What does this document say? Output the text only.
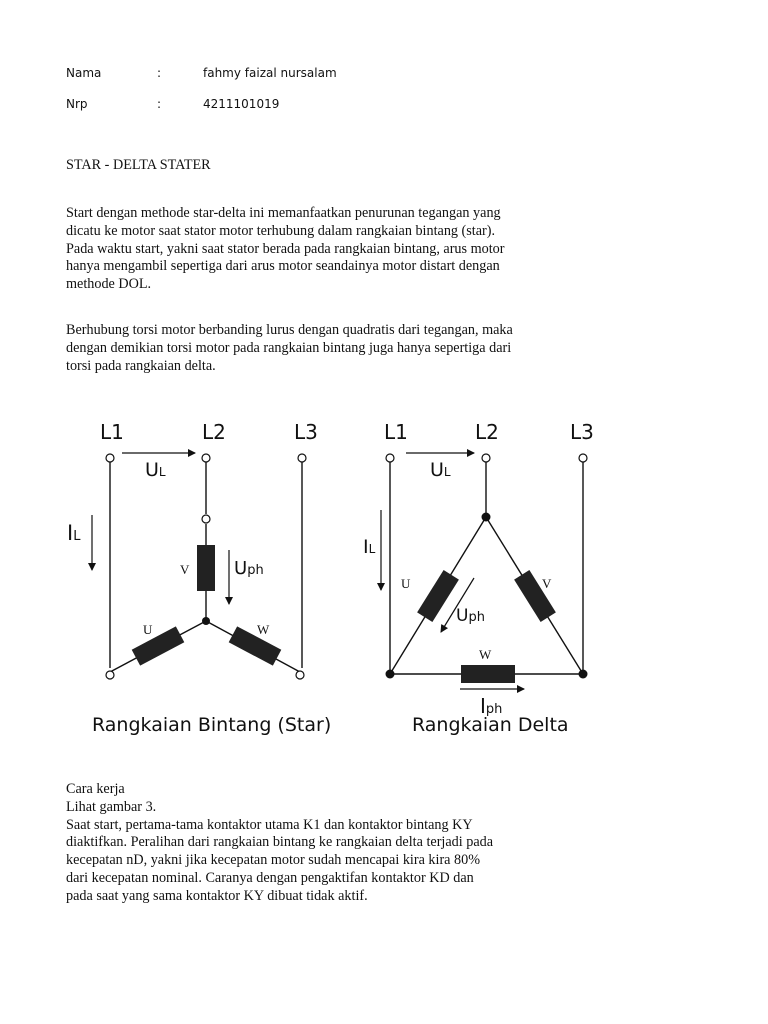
Nama	:	fahmy faizal nursalam
Nrp	:	4211101019
STAR - DELTA STATER
Start dengan methode star-delta ini memanfaatkan penurunan tegangan yang
dicatu ke motor saat stator motor terhubung dalam rangkaian bintang (star).
Pada waktu start, yakni saat stator berada pada rangkaian bintang, arus motor
hanya mengambil sepertiga dari arus motor seandainya motor distart dengan
methode DOL.
Berhubung torsi motor berbanding lurus dengan quadratis dari tegangan, maka
dengan demikian torsi motor pada rangkaian bintang juga hanya sepertiga dari
torsi pada rangkaian delta.
L1	L2	L3
UL
IL
Uph
V
U	W
Rangkaian Bintang (Star)
L1	L2	L3
UL
IL
Uph
Iph
U	V
W
Rangkaian Delta
Cara kerja
Lihat gambar 3.
Saat start, pertama-tama kontaktor utama K1 dan kontaktor bintang KY
diaktifkan. Peralihan dari rangkaian bintang ke rangkaian delta terjadi pada
kecepatan nD, yakni jika kecepatan motor sudah mencapai kira kira 80%
dari kecepatan nominal. Caranya dengan pengaktifan kontaktor KD dan
pada saat yang sama kontaktor KY dibuat tidak aktif.
